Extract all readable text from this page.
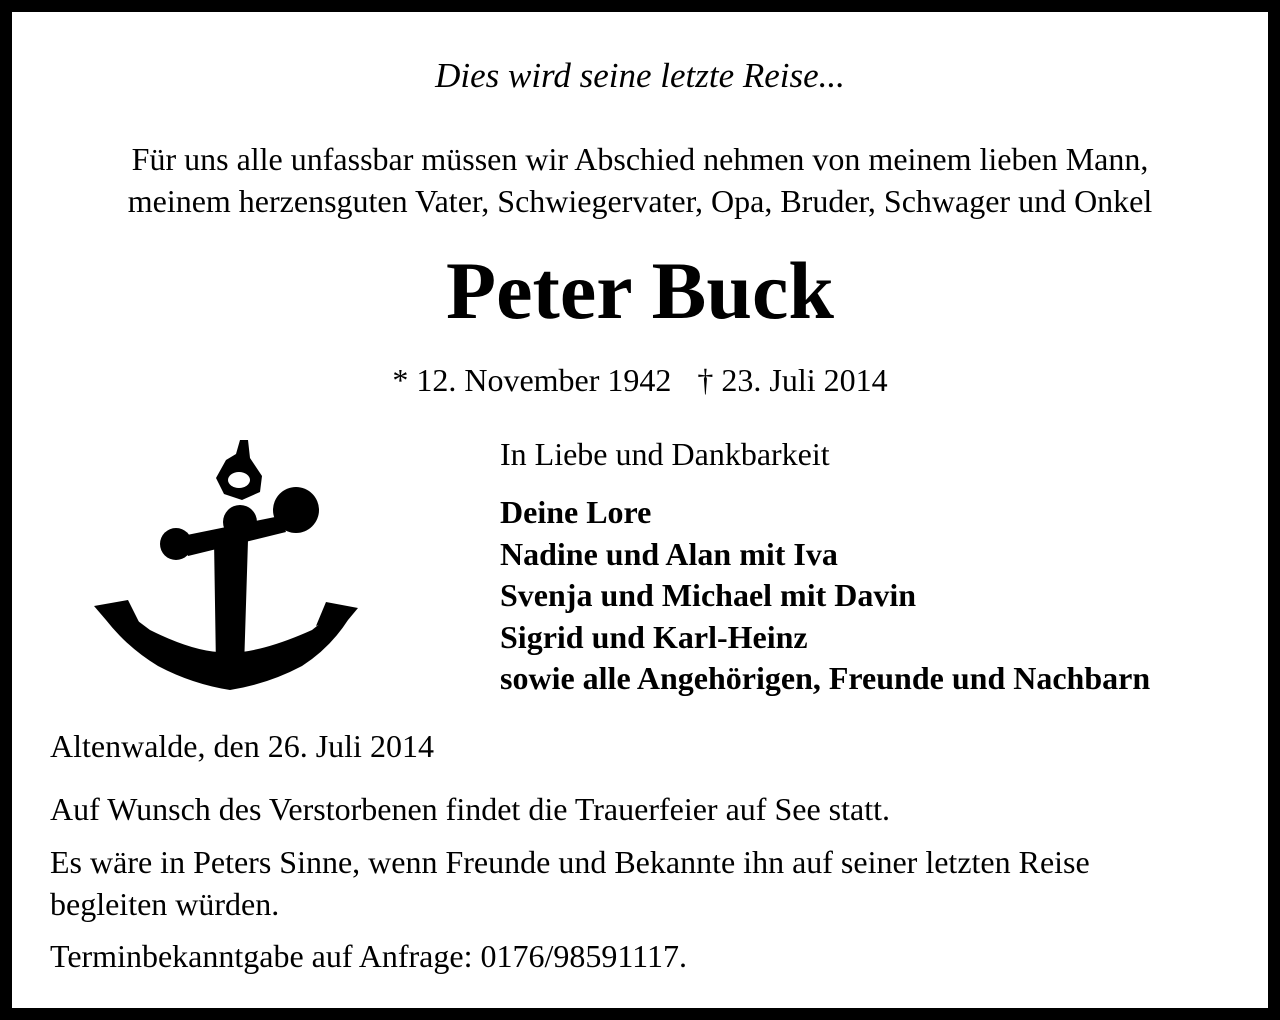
Dies wird seine letzte Reise...
Für uns alle unfassbar müssen wir Abschied nehmen von meinem lieben Mann,
meinem herzensguten Vater, Schwiegervater, Opa, Bruder, Schwager und Onkel
Peter Buck
* 12. November 1942 † 23. Juli 2014
In Liebe und Dankbarkeit
Deine Lore
Nadine und Alan mit Iva
Svenja und Michael mit Davin
Sigrid und Karl-Heinz
sowie alle Angehörigen, Freunde und Nachbarn
Altenwalde, den 26. Juli 2014
Auf Wunsch des Verstorbenen findet die Trauerfeier auf See statt.
Es wäre in Peters Sinne, wenn Freunde und Bekannte ihn auf seiner letzten Reise
begleiten würden.
Terminbekanntgabe auf Anfrage: 0176/98591117.
